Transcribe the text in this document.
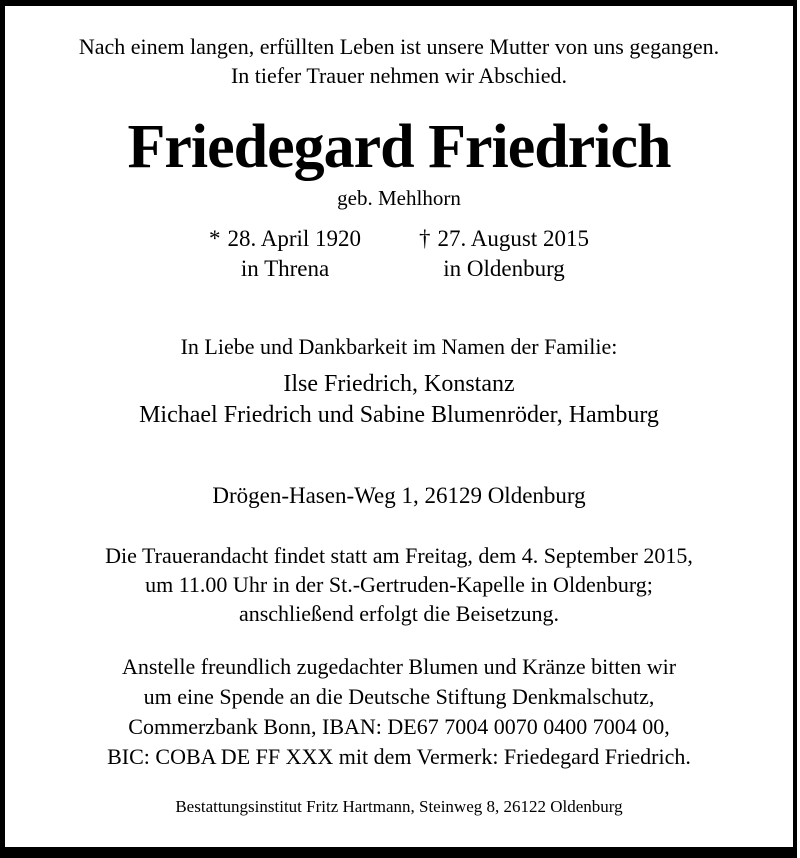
Nach einem langen, erfüllten Leben ist unsere Mutter von uns gegangen.
In tiefer Trauer nehmen wir Abschied.
Friedegard Friedrich
geb. Mehlhorn
* 28. April 1920
in Threna
† 27. August 2015
in Oldenburg
In Liebe und Dankbarkeit im Namen der Familie:
Ilse Friedrich, Konstanz
Michael Friedrich und Sabine Blumenröder, Hamburg
Drögen-Hasen-Weg 1, 26129 Oldenburg
Die Trauerandacht findet statt am Freitag, dem 4. September 2015,
um 11.00 Uhr in der St.-Gertruden-Kapelle in Oldenburg;
anschließend erfolgt die Beisetzung.
Anstelle freundlich zugedachter Blumen und Kränze bitten wir
um eine Spende an die Deutsche Stiftung Denkmalschutz,
Commerzbank Bonn, IBAN: DE67 7004 0070 0400 7004 00,
BIC: COBA DE FF XXX mit dem Vermerk: Friedegard Friedrich.
Bestattungsinstitut Fritz Hartmann, Steinweg 8, 26122 Oldenburg
